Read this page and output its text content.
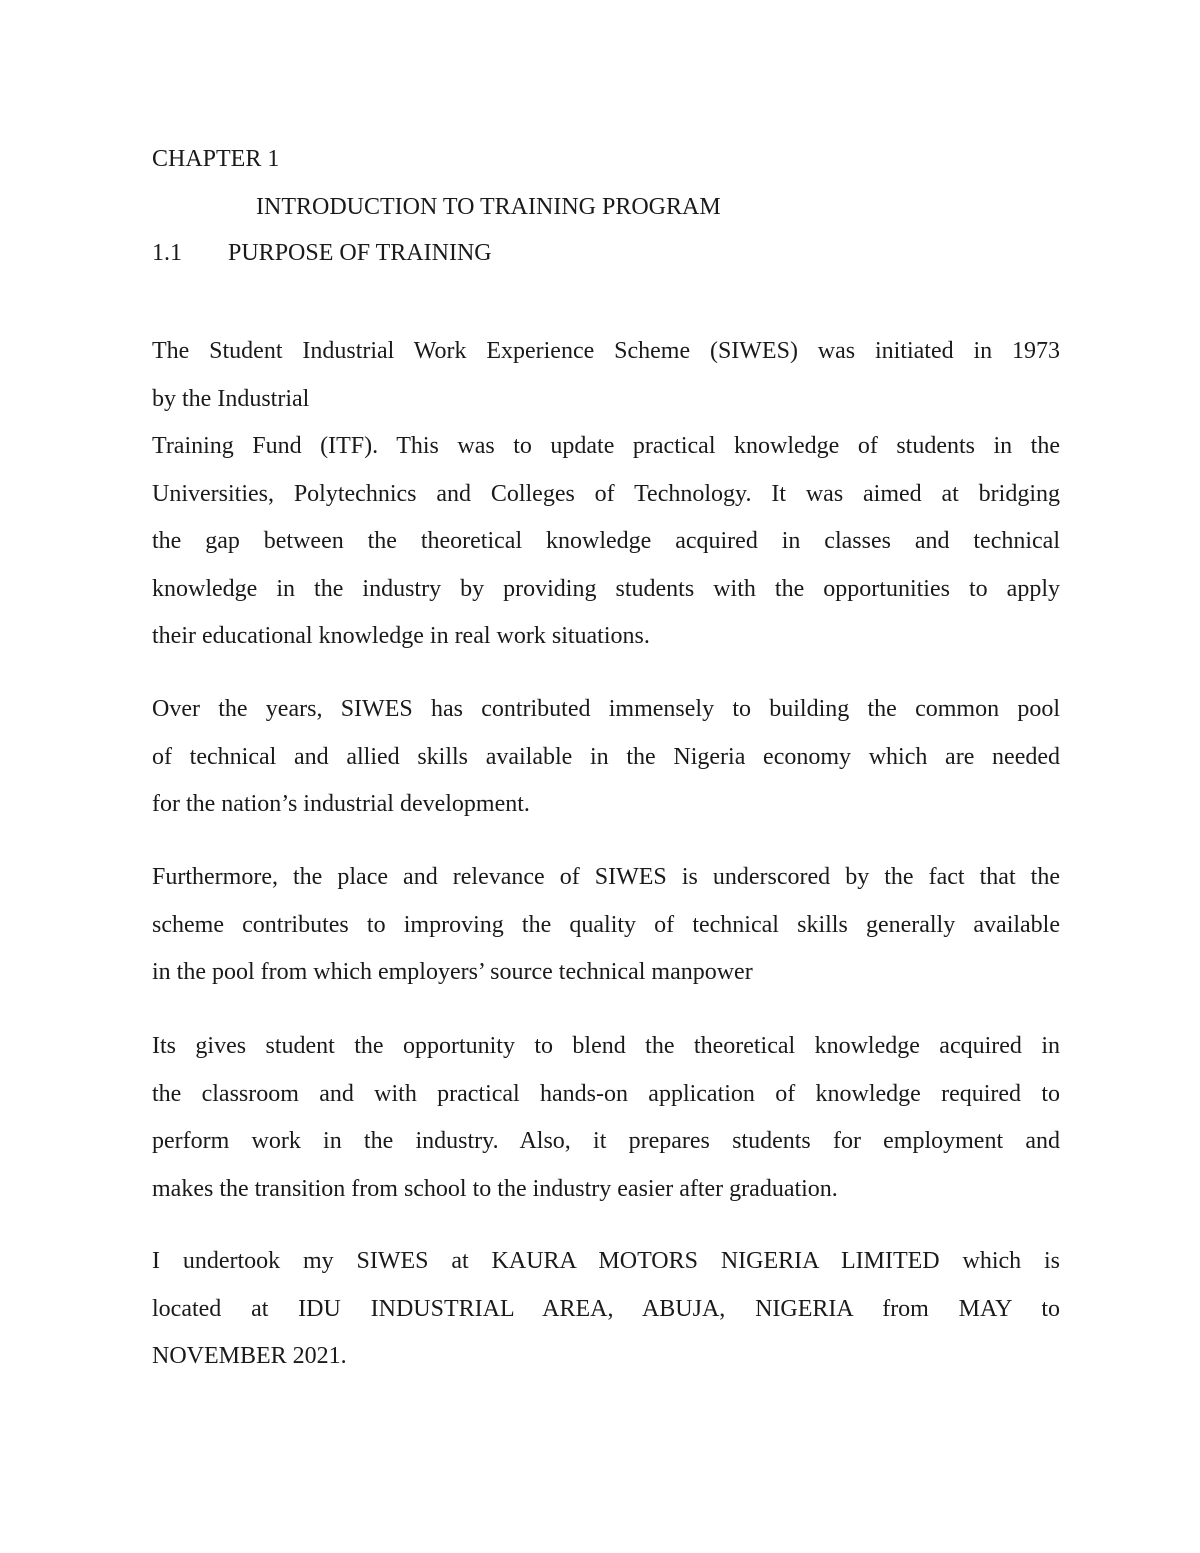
CHAPTER 1

INTRODUCTION TO TRAINING PROGRAM

1.1 PURPOSE OF TRAINING

The Student Industrial Work Experience Scheme (SIWES) was initiated in 1973
by the Industrial
Training Fund (ITF). This was to update practical knowledge of students in the
Universities, Polytechnics and Colleges of Technology. It was aimed at bridging
the gap between the theoretical knowledge acquired in classes and technical
knowledge in the industry by providing students with the opportunities to apply
their educational knowledge in real work situations.
Over the years, SIWES has contributed immensely to building the common pool
of technical and allied skills available in the Nigeria economy which are needed
for the nation’s industrial development.
Furthermore, the place and relevance of SIWES is underscored by the fact that the
scheme contributes to improving the quality of technical skills generally available
in the pool from which employers’ source technical manpower
Its gives student the opportunity to blend the theoretical knowledge acquired in
the classroom and with practical hands-on application of knowledge required to
perform work in the industry. Also, it prepares students for employment and
makes the transition from school to the industry easier after graduation.
I undertook my SIWES at KAURA MOTORS NIGERIA LIMITED which is
located at IDU INDUSTRIAL AREA, ABUJA, NIGERIA from MAY to
NOVEMBER 2021.
